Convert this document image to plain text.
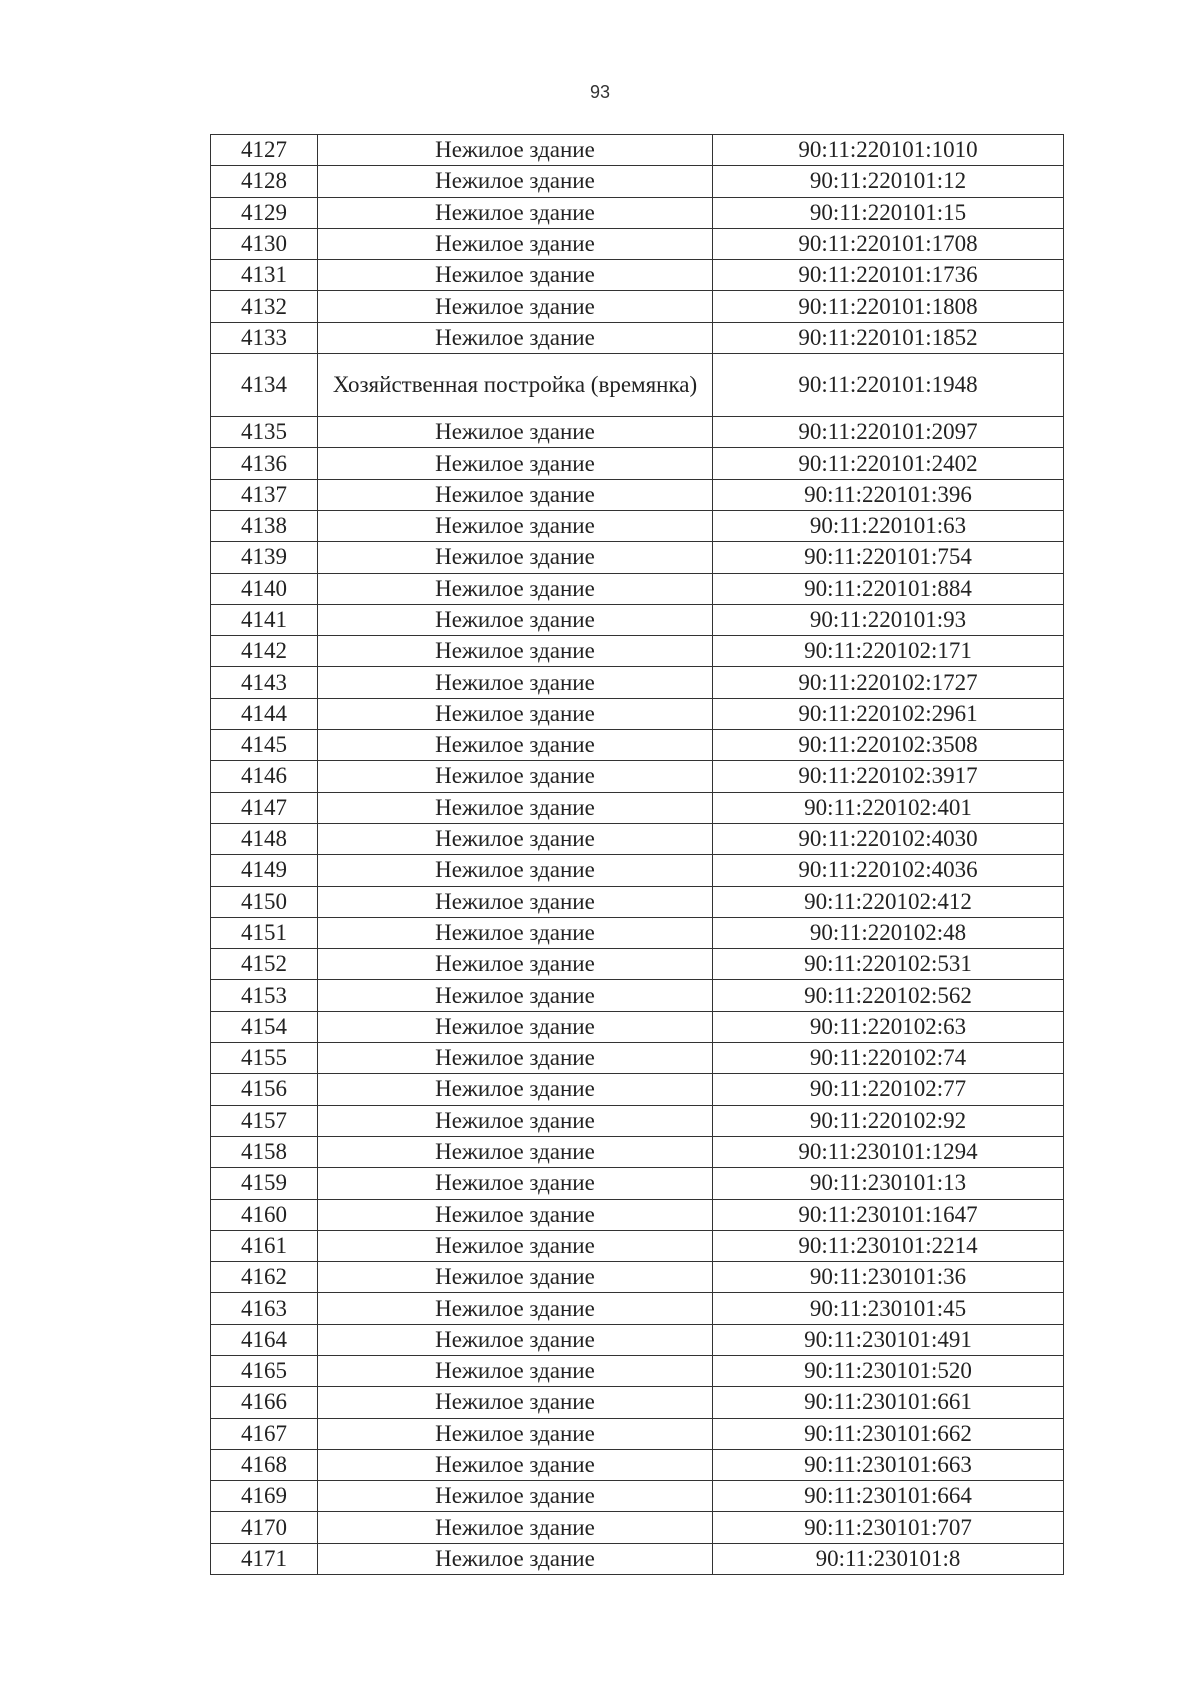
93
4127	Нежилое здание	90:11:220101:1010
4128	Нежилое здание	90:11:220101:12
4129	Нежилое здание	90:11:220101:15
4130	Нежилое здание	90:11:220101:1708
4131	Нежилое здание	90:11:220101:1736
4132	Нежилое здание	90:11:220101:1808
4133	Нежилое здание	90:11:220101:1852
4134	Хозяйственная постройка (времянка)	90:11:220101:1948
4135	Нежилое здание	90:11:220101:2097
4136	Нежилое здание	90:11:220101:2402
4137	Нежилое здание	90:11:220101:396
4138	Нежилое здание	90:11:220101:63
4139	Нежилое здание	90:11:220101:754
4140	Нежилое здание	90:11:220101:884
4141	Нежилое здание	90:11:220101:93
4142	Нежилое здание	90:11:220102:171
4143	Нежилое здание	90:11:220102:1727
4144	Нежилое здание	90:11:220102:2961
4145	Нежилое здание	90:11:220102:3508
4146	Нежилое здание	90:11:220102:3917
4147	Нежилое здание	90:11:220102:401
4148	Нежилое здание	90:11:220102:4030
4149	Нежилое здание	90:11:220102:4036
4150	Нежилое здание	90:11:220102:412
4151	Нежилое здание	90:11:220102:48
4152	Нежилое здание	90:11:220102:531
4153	Нежилое здание	90:11:220102:562
4154	Нежилое здание	90:11:220102:63
4155	Нежилое здание	90:11:220102:74
4156	Нежилое здание	90:11:220102:77
4157	Нежилое здание	90:11:220102:92
4158	Нежилое здание	90:11:230101:1294
4159	Нежилое здание	90:11:230101:13
4160	Нежилое здание	90:11:230101:1647
4161	Нежилое здание	90:11:230101:2214
4162	Нежилое здание	90:11:230101:36
4163	Нежилое здание	90:11:230101:45
4164	Нежилое здание	90:11:230101:491
4165	Нежилое здание	90:11:230101:520
4166	Нежилое здание	90:11:230101:661
4167	Нежилое здание	90:11:230101:662
4168	Нежилое здание	90:11:230101:663
4169	Нежилое здание	90:11:230101:664
4170	Нежилое здание	90:11:230101:707
4171	Нежилое здание	90:11:230101:8
